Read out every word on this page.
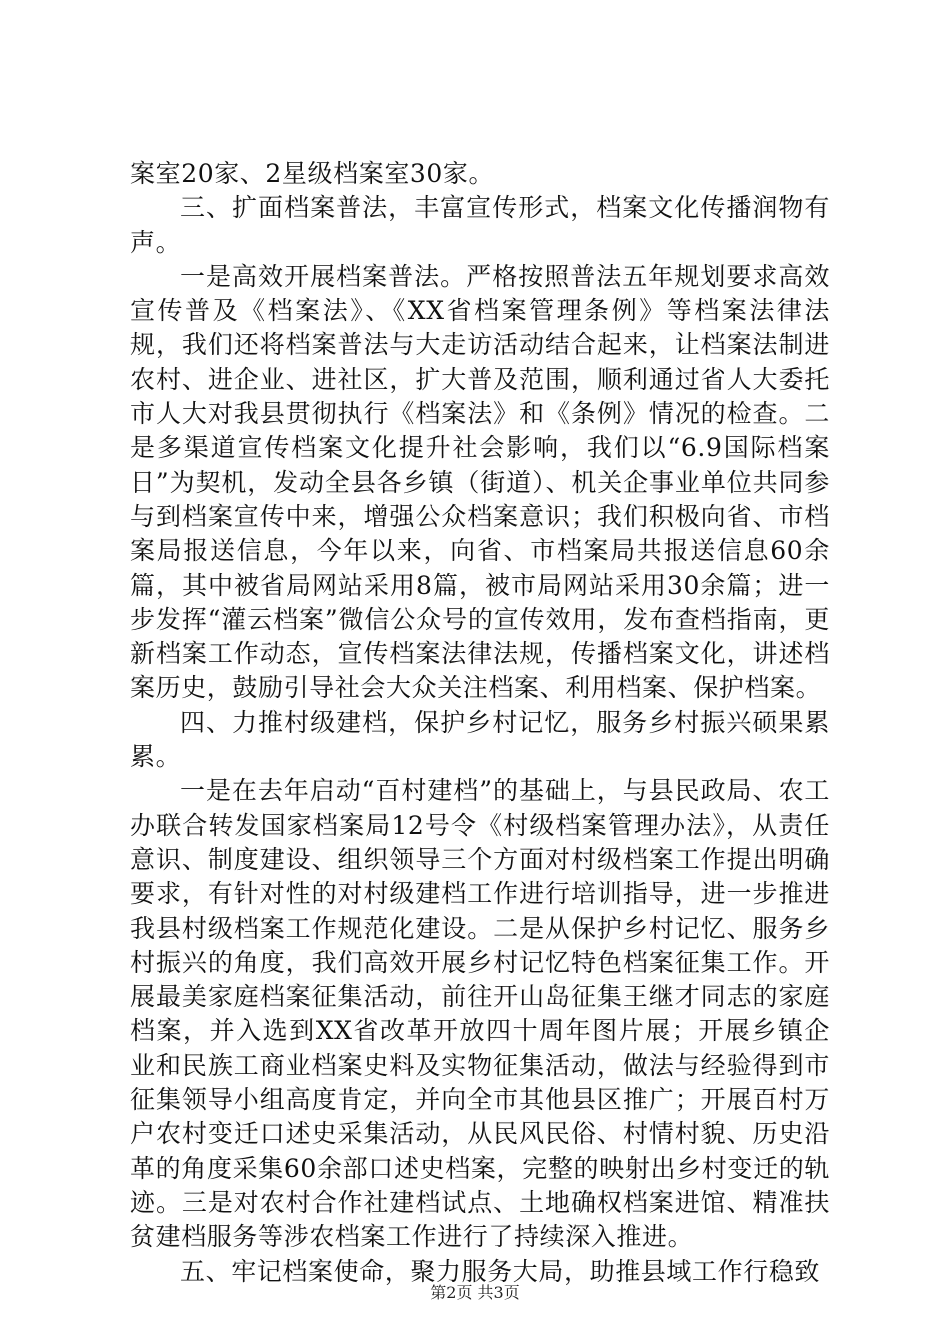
案室20家、2星级档案室30家。

三、扩面档案普法，丰富宣传形式，档案文化传播润物有声。

一是高效开展档案普法。严格按照普法五年规划要求高效宣传普及《档案法》、《XX省档案管理条例》等档案法律法规，我们还将档案普法与大走访活动结合起来，让档案法制进农村、进企业、进社区，扩大普及范围，顺利通过省人大委托市人大对我县贯彻执行《档案法》和《条例》情况的检查。二是多渠道宣传档案文化提升社会影响，我们以“6.9国际档案日”为契机，发动全县各乡镇（街道）、机关企事业单位共同参与到档案宣传中来，增强公众档案意识；我们积极向省、市档案局报送信息，今年以来，向省、市档案局共报送信息60余篇，其中被省局网站采用8篇，被市局网站采用30余篇；进一步发挥“灌云档案”微信公众号的宣传效用，发布查档指南，更新档案工作动态，宣传档案法律法规，传播档案文化，讲述档案历史，鼓励引导社会大众关注档案、利用档案、保护档案。

四、力推村级建档，保护乡村记忆，服务乡村振兴硕果累累。

一是在去年启动“百村建档”的基础上，与县民政局、农工办联合转发国家档案局12号令《村级档案管理办法》，从责任意识、制度建设、组织领导三个方面对村级档案工作提出明确要求，有针对性的对村级建档工作进行培训指导，进一步推进我县村级档案工作规范化建设。二是从保护乡村记忆、服务乡村振兴的角度，我们高效开展乡村记忆特色档案征集工作。开展最美家庭档案征集活动，前往开山岛征集王继才同志的家庭档案，并入选到XX省改革开放四十周年图片展；开展乡镇企业和民族工商业档案史料及实物征集活动，做法与经验得到市征集领导小组高度肯定，并向全市其他县区推广；开展百村万户农村变迁口述史采集活动，从民风民俗、村情村貌、历史沿革的角度采集60余部口述史档案，完整的映射出乡村变迁的轨迹。三是对农村合作社建档试点、土地确权档案进馆、精准扶贫建档服务等涉农档案工作进行了持续深入推进。

五、牢记档案使命，聚力服务大局，助推县域工作行稳致

第2页 共3页
